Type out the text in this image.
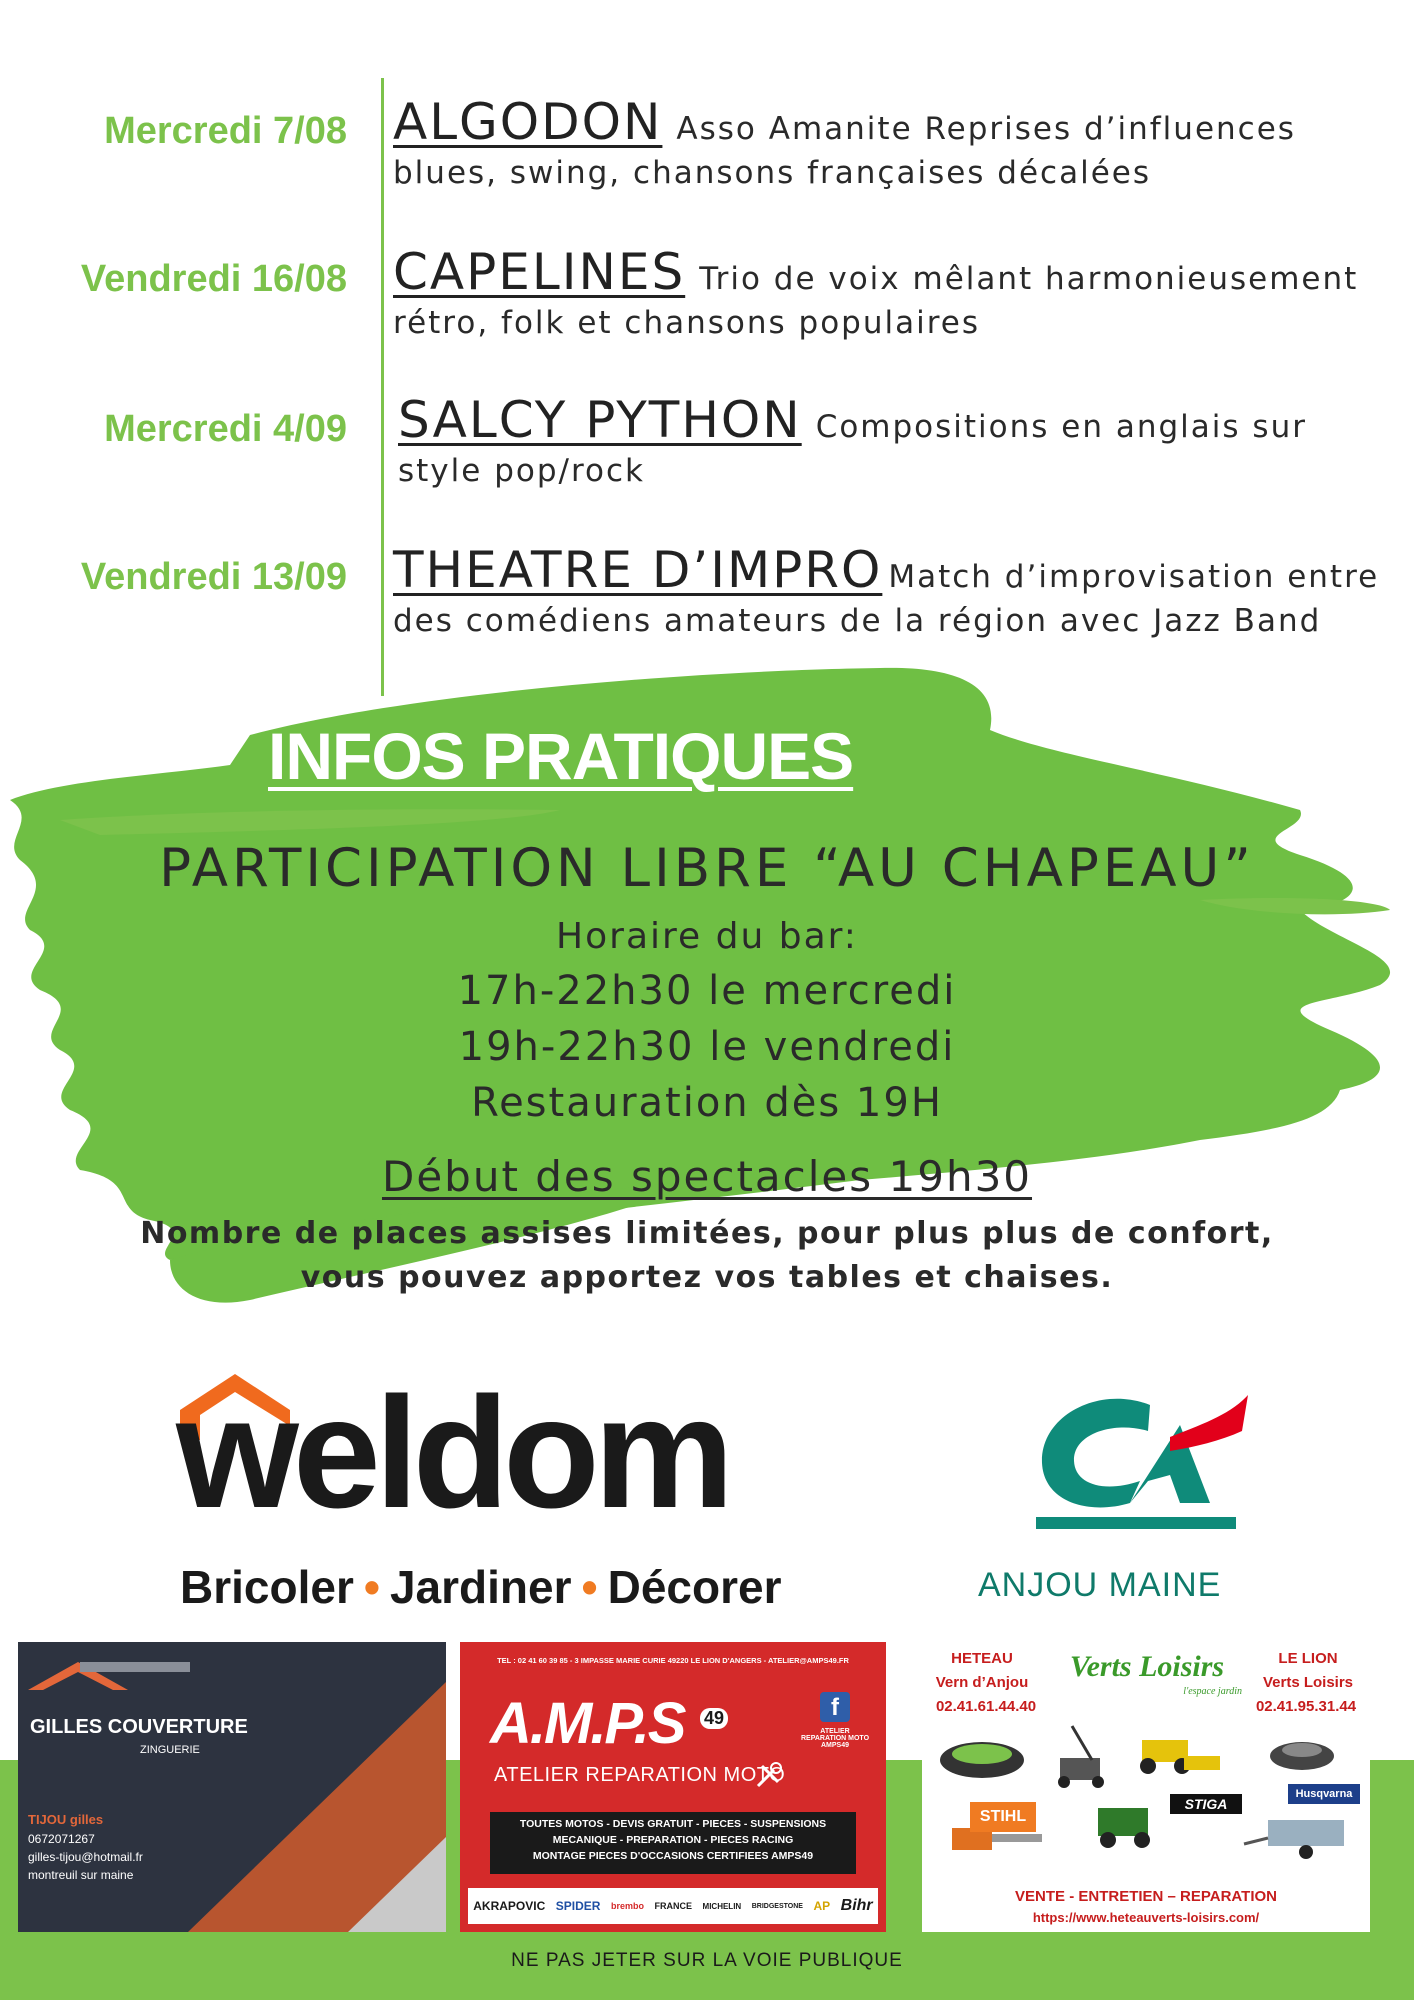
Mercredi 7/08 ALGODON Asso Amanite Reprises d’influences
blues, swing, chansons françaises décalées
Vendredi 16/08 CAPELINES Trio de voix mêlant harmonieusement
rétro, folk et chansons populaires
Mercredi 4/09 SALCY PYTHON Compositions en anglais sur
style pop/rock
Vendredi 13/09 THEATRE D’IMPRO Match d’improvisation entre
des comédiens amateurs de la région avec Jazz Band
INFOS PRATIQUES
PARTICIPATION LIBRE “AU CHAPEAU”
Horaire du bar:
17h-22h30 le mercredi
19h-22h30 le vendredi
Restauration dès 19H
Début des spectacles 19h30
Nombre de places assises limitées, pour plus plus de confort,
vous pouvez apportez vos tables et chaises.
weldom
Bricoler • Jardiner • Décorer	ANJOU MAINE
GILLES COUVERTURE
ZINGUERIE
TIJOU gilles
0672071267
gilles-tijou@hotmail.fr
montreuil sur maine
TEL : 02 41 60 39 85 - 3 IMPASSE MARIE CURIE 49220 LE LION D'ANGERS - ATELIER@AMPS49.FR
A.M.P.S 49
ATELIER REPARATION MOTO
f
ATELIER REPARATION MOTO AMPS49
TOUTES MOTOS - DEVIS GRATUIT - PIECES - SUSPENSIONS
MECANIQUE - PREPARATION - PIECES RACING
MONTAGE PIECES D'OCCASIONS CERTIFIEES AMPS49
AKRAPOVIC SPIDER brembo FRANCE MICHELIN BRIDGESTONE AP Bihr
HETEAU
Vern d’Anjou
02.41.61.44.40
Verts Loisirs
l'espace jardin
LE LION
Verts Loisirs
02.41.95.31.44
STIHL
STIGA
Husqvarna
VENTE - ENTRETIEN – REPARATION
https://www.heteauverts-loisirs.com/
NE PAS JETER SUR LA VOIE PUBLIQUE
